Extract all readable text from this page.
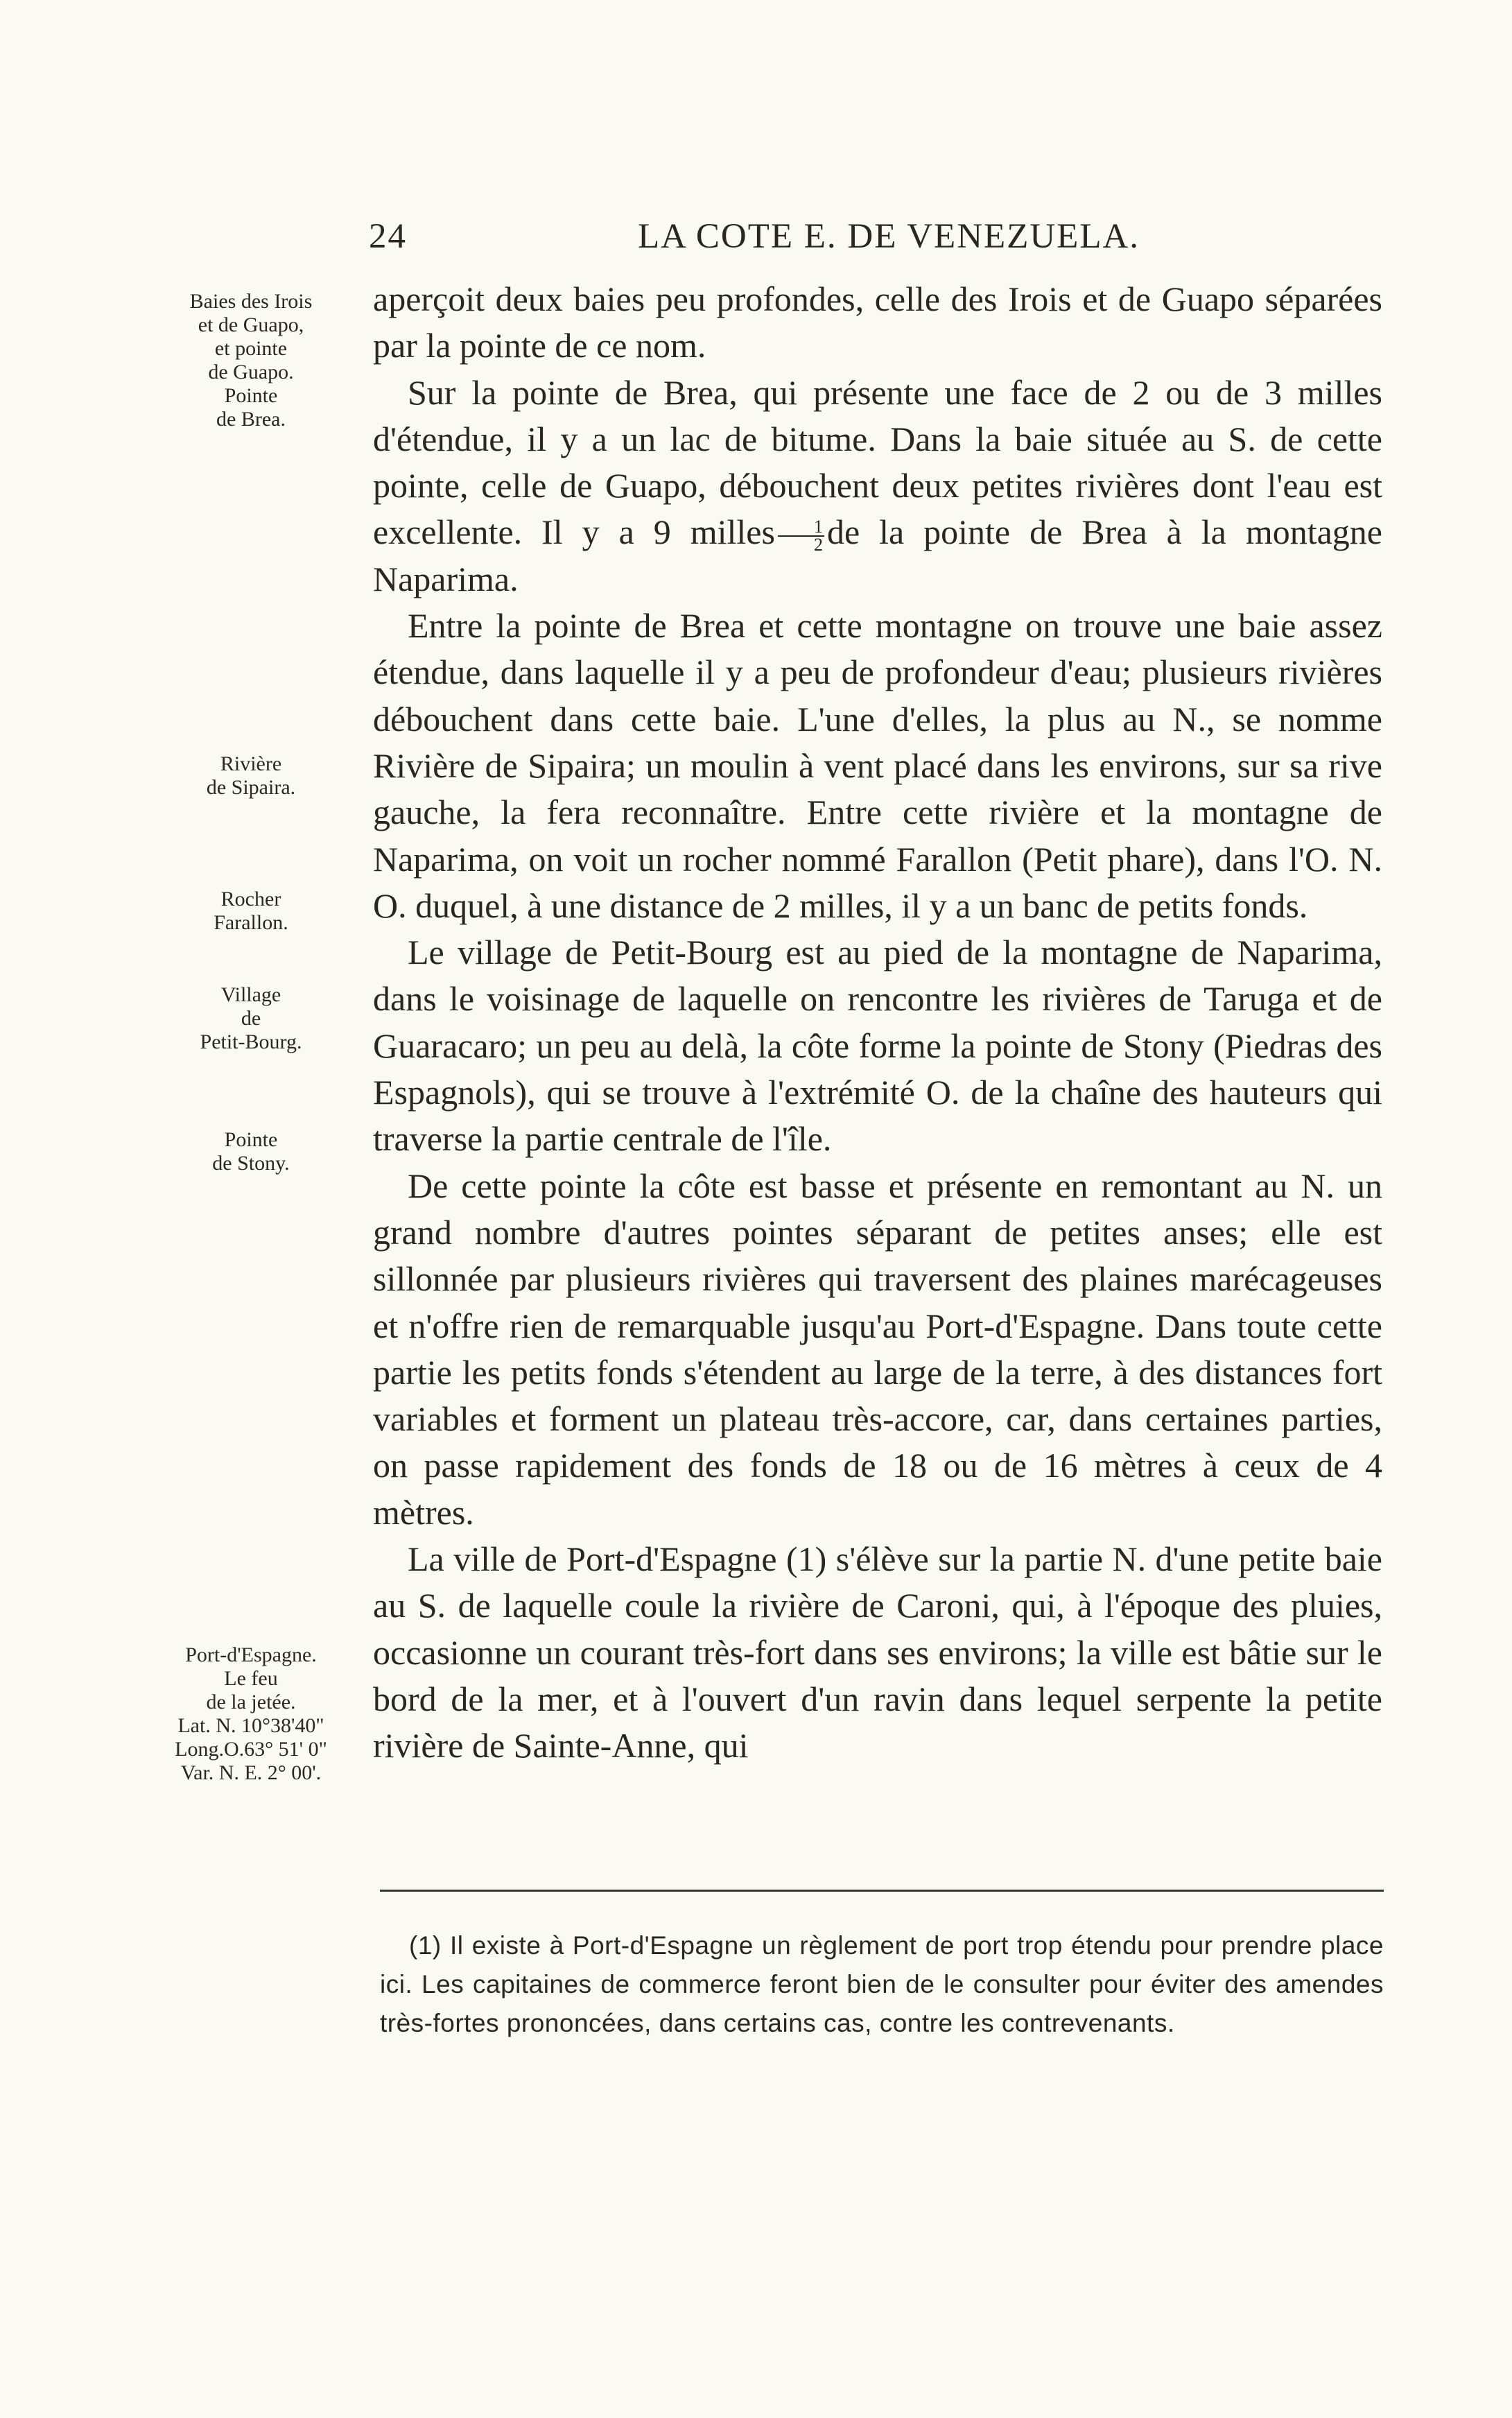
24	LA COTE E. DE VENEZUELA.
Baies des Irois
et de Guapo,
et pointe
de Guapo.
Pointe
de Brea.
Rivière
de Sipaira.
Rocher
Farallon.
Village
de
Petit-Bourg.
Pointe
de Stony.
Port-d'Espagne.
Le feu
de la jetée.
Lat. N. 10°38'40"
Long.O.63° 51' 0"
Var. N. E. 2° 00'.

aperçoit deux baies peu profondes, celle des Irois et de Guapo séparées par la pointe de ce nom.

Sur la pointe de Brea, qui présente une face de 2 ou de 3 milles d'étendue, il y a un lac de bitume. Dans la baie située au S. de cette pointe, celle de Guapo, débouchent deux petites rivières dont l'eau est excellente. Il y a 9 milles $\frac{1}{2}$ de la pointe de Brea à la montagne Naparima.

Entre la pointe de Brea et cette montagne on trouve une baie assez étendue, dans laquelle il y a peu de profondeur d'eau; plusieurs rivières débouchent dans cette baie. L'une d'elles, la plus au N., se nomme Rivière de Sipaira; un moulin à vent placé dans les environs, sur sa rive gauche, la fera reconnaître. Entre cette rivière et la montagne de Naparima, on voit un rocher nommé Farallon (Petit phare), dans l'O. N. O. duquel, à une distance de 2 milles, il y a un banc de petits fonds.

Le village de Petit-Bourg est au pied de la montagne de Naparima, dans le voisinage de laquelle on rencontre les rivières de Taruga et de Guaracaro; un peu au delà, la côte forme la pointe de Stony (Piedras des Espagnols), qui se trouve à l'extrémité O. de la chaîne des hauteurs qui traverse la partie centrale de l'île.

De cette pointe la côte est basse et présente en remontant au N. un grand nombre d'autres pointes séparant de petites anses; elle est sillonnée par plusieurs rivières qui traversent des plaines marécageuses et n'offre rien de remarquable jusqu'au Port-d'Espagne. Dans toute cette partie les petits fonds s'étendent au large de la terre, à des distances fort variables et forment un plateau très-accore, car, dans certaines parties, on passe rapidement des fonds de 18 ou de 16 mètres à ceux de 4 mètres.

La ville de Port-d'Espagne (1) s'élève sur la partie N. d'une petite baie au S. de laquelle coule la rivière de Caroni, qui, à l'époque des pluies, occasionne un courant très-fort dans ses environs; la ville est bâtie sur le bord de la mer, et à l'ouvert d'un ravin dans lequel serpente la petite rivière de Sainte-Anne, qui

(1) Il existe à Port-d'Espagne un règlement de port trop étendu pour prendre place ici. Les capitaines de commerce feront bien de le consulter pour éviter des amendes très-fortes prononcées, dans certains cas, contre les contrevenants.
